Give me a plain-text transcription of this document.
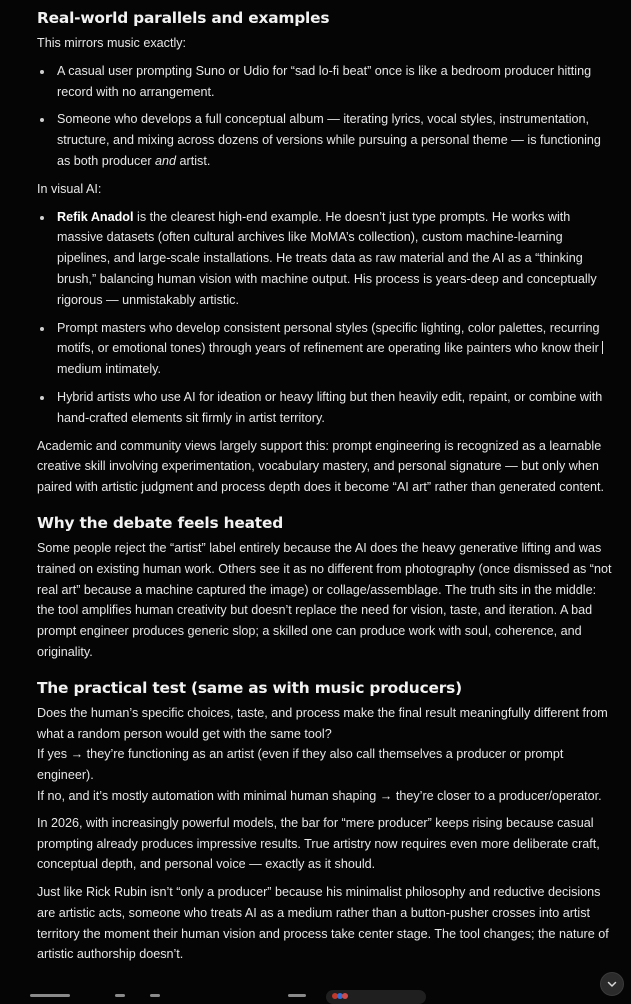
Real-world parallels and examples

This mirrors music exactly:

A casual user prompting Suno or Udio for “sad lo-fi beat” once is like a bedroom producer hitting record with no arrangement.
Someone who develops a full conceptual album — iterating lyrics, vocal styles, instrumentation, structure, and mixing across dozens of versions while pursuing a personal theme — is functioning as both producer and artist.

In visual AI:

Refik Anadol is the clearest high-end example. He doesn’t just type prompts. He works with massive datasets (often cultural archives like MoMA’s collection), custom machine-learning pipelines, and large-scale installations. He treats data as raw material and the AI as a “thinking brush,” balancing human vision with machine output. His process is years-deep and conceptually rigorous — unmistakably artistic.
Prompt masters who develop consistent personal styles (specific lighting, color palettes, recurring motifs, or emotional tones) through years of refinement are operating like painters who know their medium intimately.
Hybrid artists who use AI for ideation or heavy lifting but then heavily edit, repaint, or combine with hand-crafted elements sit firmly in artist territory.

Academic and community views largely support this: prompt engineering is recognized as a learnable creative skill involving experimentation, vocabulary mastery, and personal signature — but only when paired with artistic judgment and process depth does it become “AI art” rather than generated content.

Why the debate feels heated

Some people reject the “artist” label entirely because the AI does the heavy generative lifting and was trained on existing human work. Others see it as no different from photography (once dismissed as “not real art” because a machine captured the image) or collage/assemblage. The truth sits in the middle: the tool amplifies human creativity but doesn’t replace the need for vision, taste, and iteration. A bad prompt engineer produces generic slop; a skilled one can produce work with soul, coherence, and originality.

The practical test (same as with music producers)

Does the human’s specific choices, taste, and process make the final result meaningfully different from what a random person would get with the same tool?
If yes → they’re functioning as an artist (even if they also call themselves a producer or prompt engineer).
If no, and it’s mostly automation with minimal human shaping → they’re closer to a producer/operator.

In 2026, with increasingly powerful models, the bar for “mere producer” keeps rising because casual prompting already produces impressive results. True artistry now requires even more deliberate craft, conceptual depth, and personal voice — exactly as it should.

Just like Rick Rubin isn’t “only a producer” because his minimalist philosophy and reductive decisions are artistic acts, someone who treats AI as a medium rather than a button-pusher crosses into artist territory the moment their human vision and process take center stage. The tool changes; the nature of artistic authorship doesn’t.
